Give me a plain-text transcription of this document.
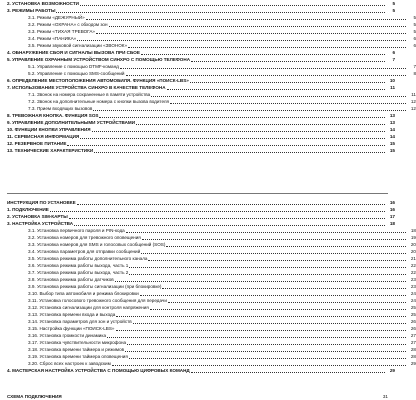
2. УСТАНОВКА ВОЗМОЖНОСТИ	5
3. РЕЖИМЫ РАБОТЫ	5
3.1. Режим «ДЕЖУРНЫЙ»	5
3.2. Режим «ОХРАНА» с обходом зон	5
3.3. Режим «ТИХАЯ ТРЕВОГА»	5
3.4. Режим «ПАНИКА»	6
3.5. Режим звуковой сигнализации «ЗВОНОК»	6
4. ОБНАРУЖЕНИЕ СБОЯ И СИГНАЛЫ ВЫЗОВА ПРИ СБОЕ	6
5. УПРАВЛЕНИЕ ОХРАННЫМ УСТРОЙСТВОМ СИНХРО С ПОМОЩЬЮ ТЕЛЕФОНА	7
5.1. Управление с помощью DTMF-команд	7
5.2. Управление с помощью SMS-сообщений	8
6. ОПРЕДЕЛЕНИЕ МЕСТОПОЛОЖЕНИЯ АВТОМОБИЛЯ. ФУНКЦИЯ «ПОИСК-LBS»	10
7. ИСПОЛЬЗОВАНИЕ УСТРОЙСТВА СИНХРО В КАЧЕСТВЕ ТЕЛЕФОНА	11
7.1. Звонок на номера сохраненные в памяти устройства	11
7.2. Звонок на дополнительные номера с кнопки вызова водителя	12
7.3. Прием входящих вызовов	12
8. ТРЕВОЖНАЯ КНОПКА. ФУНКЦИЯ SOS	13
9. УПРАВЛЕНИЕ ДОПОЛНИТЕЛЬНЫМИ УСТРОЙСТВАМИ	13
10. ФУНКЦИИ КНОПКИ УПРАВЛЕНИЯ	14
11. СЕРВИСНАЯ ИНФОРМАЦИЯ	14
12. РЕЗЕРВНОЕ ПИТАНИЕ	15
13. ТЕХНИЧЕСКИЕ ХАРАКТЕРИСТИКИ	15
ИНСТРУКЦИЯ ПО УСТАНОВКЕ	16
1. ПОДКЛЮЧЕНИЕ	16
2. УСТАНОВКА SIM-КАРТЫ	17
3. НАСТРОЙКА УСТРОЙСТВА	18
3.1. Установка первичного пароля и PIN-кода	18
3.2. Установка номеров для тревожного оповещения	19
3.3. Установка номеров для SMS и голосовых сообщений (SOS)	20
3.4. Установка параметров для отправки сообщений	20
3.5. Установка режима работы дополнительного канала	21
3.6. Установка режима работы выхода, часть 1	22
3.7. Установка режима работы выхода, часть 2	22
3.8. Установка режима работы датчиков	23
3.9. Установка режима работы сигнализации (при блокировке)	23
3.10. Выбор типа автомобиля и режима блокировки	24
3.11. Установка голосового тревожного сообщения для передачи	24
3.12. Установка сигнализации для контроля напряжения	25
3.13. Установка времени входа и выхода	25
3.14. Установка параметров для зон и устройств	26
3.15. Настройка функции «ПОИСК-LBS»	26
3.16. Установка громкости динамика	27
3.17. Установка чувствительности микрофона	27
3.18. Установка времени таймера и режимов	28
3.19. Установка времени таймера оповещения	28
3.20. Сброс всех настроек к заводским	29
4. МАСТЕРСКАЯ НАСТРОЙКА УСТРОЙСТВА С ПОМОЩЬЮ ЦИФРОВЫХ КОМАНД	29
СХЕМА ПОДКЛЮЧЕНИЯ	31
